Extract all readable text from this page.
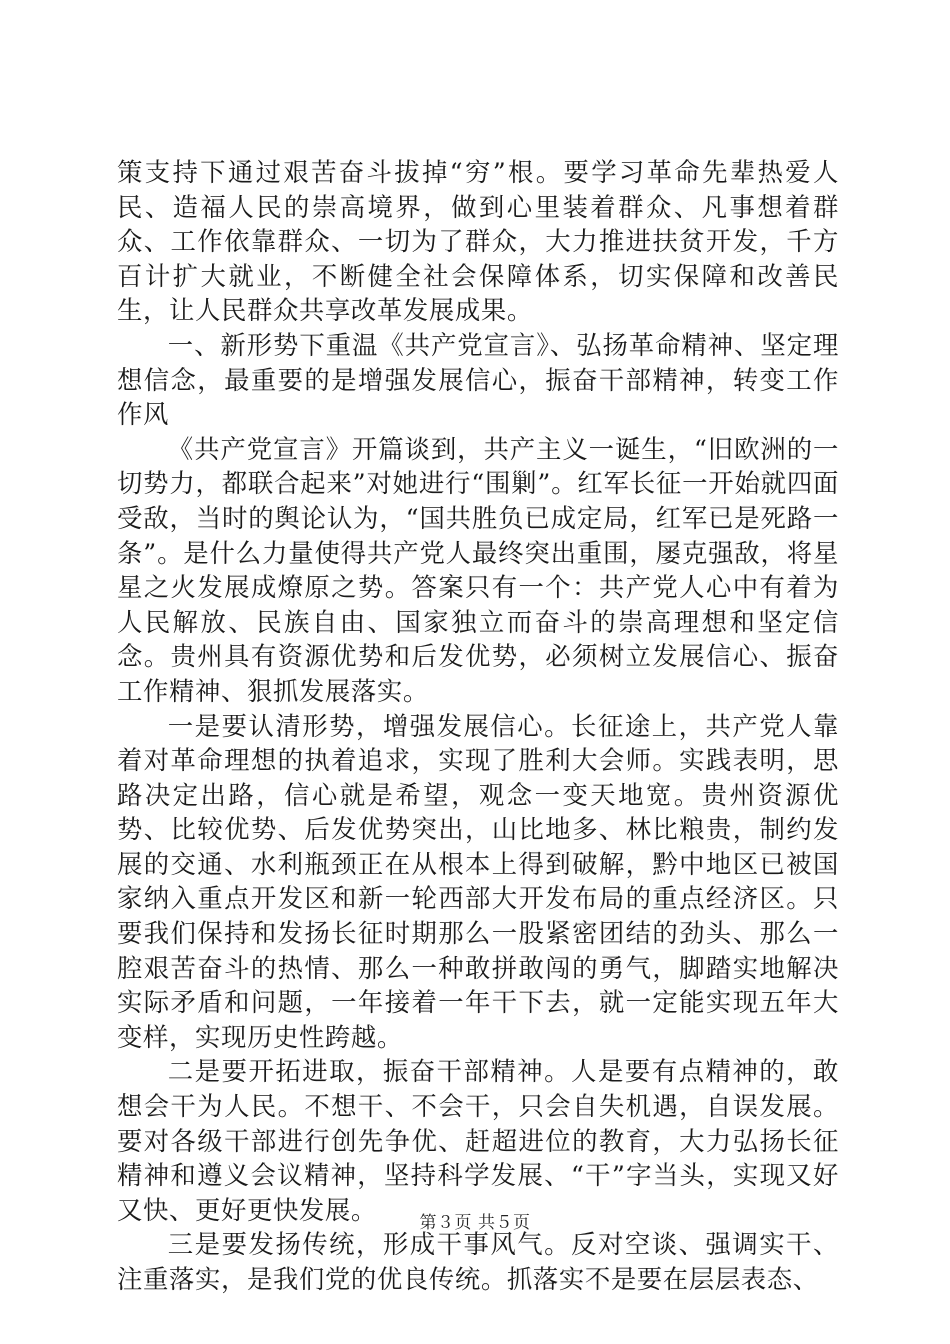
策支持下通过艰苦奋斗拔掉“穷”根。要学习革命先辈热爱人民、造福人民的崇高境界，做到心里装着群众、凡事想着群众、工作依靠群众、一切为了群众，大力推进扶贫开发，千方百计扩大就业，不断健全社会保障体系，切实保障和改善民生，让人民群众共享改革发展成果。

一、新形势下重温《共产党宣言》、弘扬革命精神、坚定理想信念，最重要的是增强发展信心，振奋干部精神，转变工作作风

《共产党宣言》开篇谈到，共产主义一诞生，“旧欧洲的一切势力，都联合起来”对她进行“围剿”。红军长征一开始就四面受敌，当时的舆论认为，“国共胜负已成定局，红军已是死路一条”。是什么力量使得共产党人最终突出重围，屡克强敌，将星星之火发展成燎原之势。答案只有一个：共产党人心中有着为人民解放、民族自由、国家独立而奋斗的崇高理想和坚定信念。贵州具有资源优势和后发优势，必须树立发展信心、振奋工作精神、狠抓发展落实。

一是要认清形势，增强发展信心。长征途上，共产党人靠着对革命理想的执着追求，实现了胜利大会师。实践表明，思路决定出路，信心就是希望，观念一变天地宽。贵州资源优势、比较优势、后发优势突出，山比地多、林比粮贵，制约发展的交通、水利瓶颈正在从根本上得到破解，黔中地区已被国家纳入重点开发区和新一轮西部大开发布局的重点经济区。只要我们保持和发扬长征时期那么一股紧密团结的劲头、那么一腔艰苦奋斗的热情、那么一种敢拼敢闯的勇气，脚踏实地解决实际矛盾和问题，一年接着一年干下去，就一定能实现五年大变样，实现历史性跨越。

二是要开拓进取，振奋干部精神。人是要有点精神的，敢想会干为人民。不想干、不会干，只会自失机遇，自误发展。要对各级干部进行创先争优、赶超进位的教育，大力弘扬长征精神和遵义会议精神，坚持科学发展、“干”字当头，实现又好又快、更好更快发展。

三是要发扬传统，形成干事风气。反对空谈、强调实干、注重落实，是我们党的优良传统。抓落实不是要在层层表态、

第３页 共５页
